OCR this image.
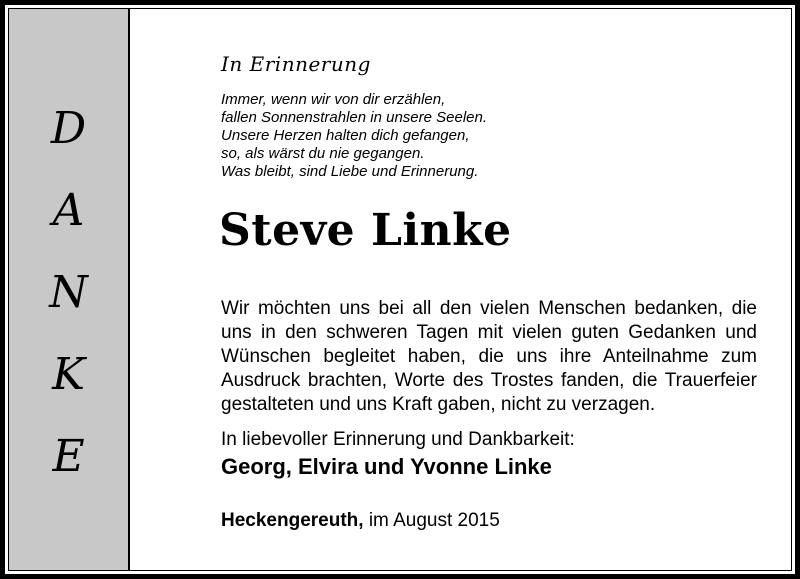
D
A
N
K
E
In Erinnerung
Immer, wenn wir von dir erzählen,
fallen Sonnenstrahlen in unsere Seelen.
Unsere Herzen halten dich gefangen,
so, als wärst du nie gegangen.
Was bleibt, sind Liebe und Erinnerung.
Steve Linke
Wir möchten uns bei all den vielen Menschen bedanken, die uns in den schweren Tagen mit vielen guten Gedanken und Wünschen begleitet haben, die uns ihre Anteilnahme zum Ausdruck brachten, Worte des Trostes fanden, die Trauerfeier gestalteten und uns Kraft gaben, nicht zu verzagen.
In liebevoller Erinnerung und Dankbarkeit:
Georg, Elvira und Yvonne Linke
Heckengereuth, im August 2015
